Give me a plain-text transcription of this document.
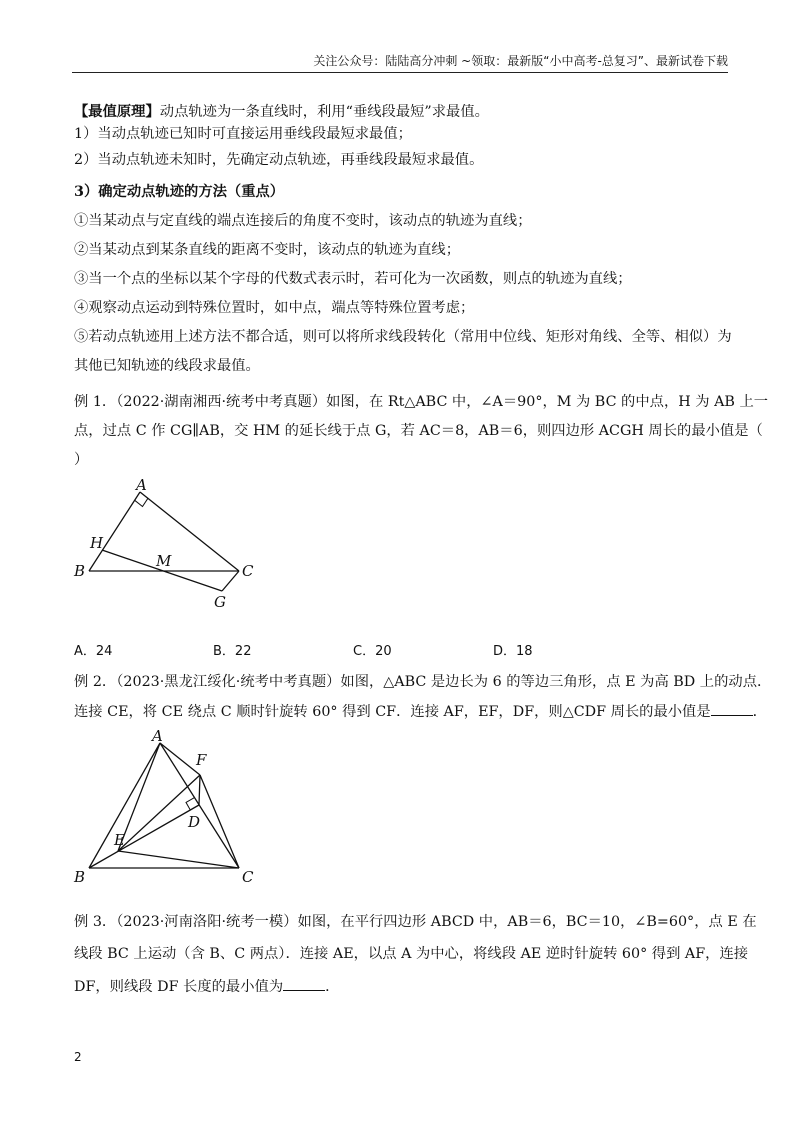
关注公众号：陆陆高分冲刺 ~领取：最新版“小中高考-总复习”、最新试卷下载
【最值原理】动点轨迹为一条直线时，利用“垂线段最短”求最值。
1）当动点轨迹已知时可直接运用垂线段最短求最值；
2）当动点轨迹未知时，先确定动点轨迹，再垂线段最短求最值。
3）确定动点轨迹的方法（重点）
①当某动点与定直线的端点连接后的角度不变时，该动点的轨迹为直线；
②当某动点到某条直线的距离不变时，该动点的轨迹为直线；
③当一个点的坐标以某个字母的代数式表示时，若可化为一次函数，则点的轨迹为直线；
④观察动点运动到特殊位置时，如中点，端点等特殊位置考虑；
⑤若动点轨迹用上述方法不都合适，则可以将所求线段转化（常用中位线、矩形对角线、全等、相似）为
其他已知轨迹的线段求最值。
例 1．（2022·湖南湘西·统考中考真题）如图，在 Rt△ABC 中，∠A＝90°，M 为 BC 的中点，H 为 AB 上一
点，过点 C 作 CG∥AB，交 HM 的延长线于点 G，若 AC＝8，AB＝6，则四边形 ACGH 周长的最小值是（
）
A
H
B
M
C
G
A．24	B．22	C．20	D．18
例 2．（2023·黑龙江绥化·统考中考真题）如图，△ABC 是边长为 6 的等边三角形，点 E 为高 BD 上的动点．
连接 CE，将 CE 绕点 C 顺时针旋转 60° 得到 CF．连接 AF，EF，DF，则△CDF 周长的最小值是	．
A
F
D
E
B	C
例 3．（2023·河南洛阳·统考一模）如图，在平行四边形 ABCD 中，AB＝6，BC＝10，∠B=60°，点 E 在
线段 BC 上运动（含 B、C 两点）．连接 AE，以点 A 为中心，将线段 AE 逆时针旋转 60° 得到 AF，连接
DF，则线段 DF 长度的最小值为	．
2
